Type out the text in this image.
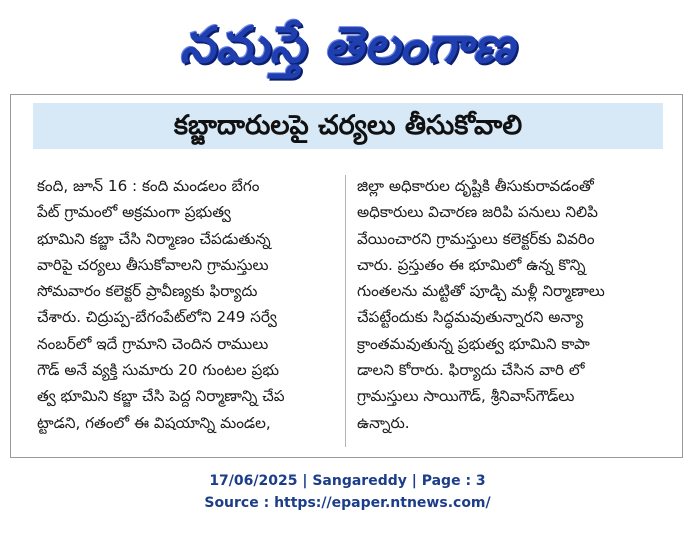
నమస్తే తెలంగాణ
కబ్జాదారులపై చర్యలు తీసుకోవాలి
కంది, జూన్ 16 : కంది మండలం బేగం
పేట్ గ్రామంలో అక్రమంగా ప్రభుత్వ
భూమిని కబ్జా చేసి నిర్మాణం చేపడుతున్న
వారిపై చర్యలు తీసుకోవాలని గ్రామస్తులు
సోమవారం కలెక్టర్ ప్రావీణ్యకు ఫిర్యాదు
చేశారు. చిద్రుప్ప-బేగంపేట్‌లోని 249 సర్వే
నంబర్‌లో ఇదే గ్రామాని చెందిన రాములు
గౌడ్ అనే వ్యక్తి సుమారు 20 గుంటల ప్రభు
త్వ భూమిని కబ్జా చేసి పెద్ద నిర్మాణాన్ని చేప
ట్టాడని, గతంలో ఈ విషయాన్ని మండల,
జిల్లా అధికారుల దృష్టికి తీసుకురావడంతో
అధికారులు విచారణ జరిపి పనులు నిలిపి
వేయించారని గ్రామస్తులు కలెక్టర్‌కు వివరిం
చారు. ప్రస్తుతం ఈ భూమిలో ఉన్న కొన్ని
గుంతలను మట్టితో పూడ్చి మళ్లీ నిర్మాణాలు
చేపట్టేందుకు సిద్ధమవుతున్నారని అన్యా
క్రాంతమవుతున్న ప్రభుత్వ భూమిని కాపా
డాలని కోరారు. ఫిర్యాదు చేసిన వారి లో
గ్రామస్తులు సాయిగౌడ్, శ్రీనివాస్‌గౌడ్‌లు
ఉన్నారు.
17/06/2025 | Sangareddy | Page : 3
Source : https://epaper.ntnews.com/
